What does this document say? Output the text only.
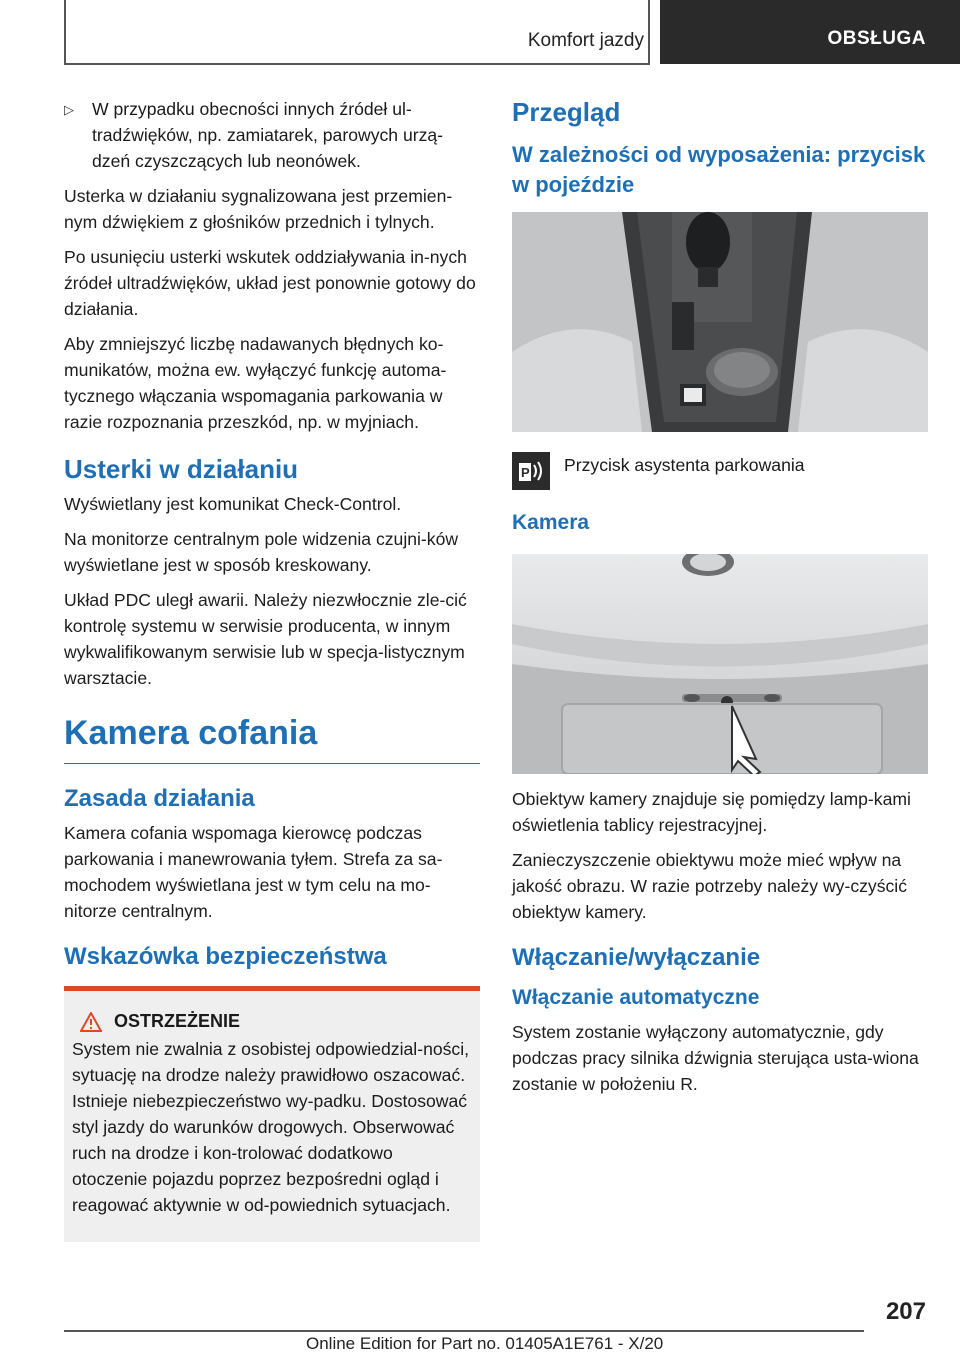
Komfort jazdy	OBSŁUGA
▷	W przypadku obecności innych źródeł ul-tradźwięków, np. zamiatarek, parowych urzą-dzeń czyszczących lub neonówek.

Usterka w działaniu sygnalizowana jest przemien-nym dźwiękiem z głośników przednich i tylnych.

Po usunięciu usterki wskutek oddziaływania in-nych źródeł ultradźwięków, układ jest ponownie gotowy do działania.

Aby zmniejszyć liczbę nadawanych błędnych ko-munikatów, można ew. wyłączyć funkcję automa-tycznego włączania wspomagania parkowania w razie rozpoznania przeszkód, np. w myjniach.

Usterki w działaniu

Wyświetlany jest komunikat Check-Control.

Na monitorze centralnym pole widzenia czujni-ków wyświetlane jest w sposób kreskowany.

Układ PDC uległ awarii. Należy niezwłocznie zle-cić kontrolę systemu w serwisie producenta, w innym wykwalifikowanym serwisie lub w specja-listycznym warsztacie.

Kamera cofania
Zasada działania

Kamera cofania wspomaga kierowcę podczas parkowania i manewrowania tyłem. Strefa za sa-mochodem wyświetlana jest w tym celu na mo-nitorze centralnym.

Wskazówka bezpieczeństwa
OSTRZEŻENIE

System nie zwalnia z osobistej odpowiedzial-ności, sytuację na drodze należy prawidłowo oszacować. Istnieje niebezpieczeństwo wy-padku. Dostosować styl jazdy do warunków drogowych. Obserwować ruch na drodze i kon-trolować dodatkowo otoczenie pojazdu poprzez bezpośredni ogląd i reagować aktywnie w od-powiednich sytuacjach.

Przegląd
W zależności od wyposażenia: przycisk w pojeździe
P Przycisk asystenta parkowania
Kamera

Obiektyw kamery znajduje się pomiędzy lamp-kami oświetlenia tablicy rejestracyjnej.

Zanieczyszczenie obiektywu może mieć wpływ na jakość obrazu. W razie potrzeby należy wy-czyścić obiektyw kamery.

Włączanie/wyłączanie
Włączanie automatyczne

System zostanie wyłączony automatycznie, gdy podczas pracy silnika dźwignia sterująca usta-wiona zostanie w położeniu R.

207
Online Edition for Part no. 01405A1E761 - X/20
